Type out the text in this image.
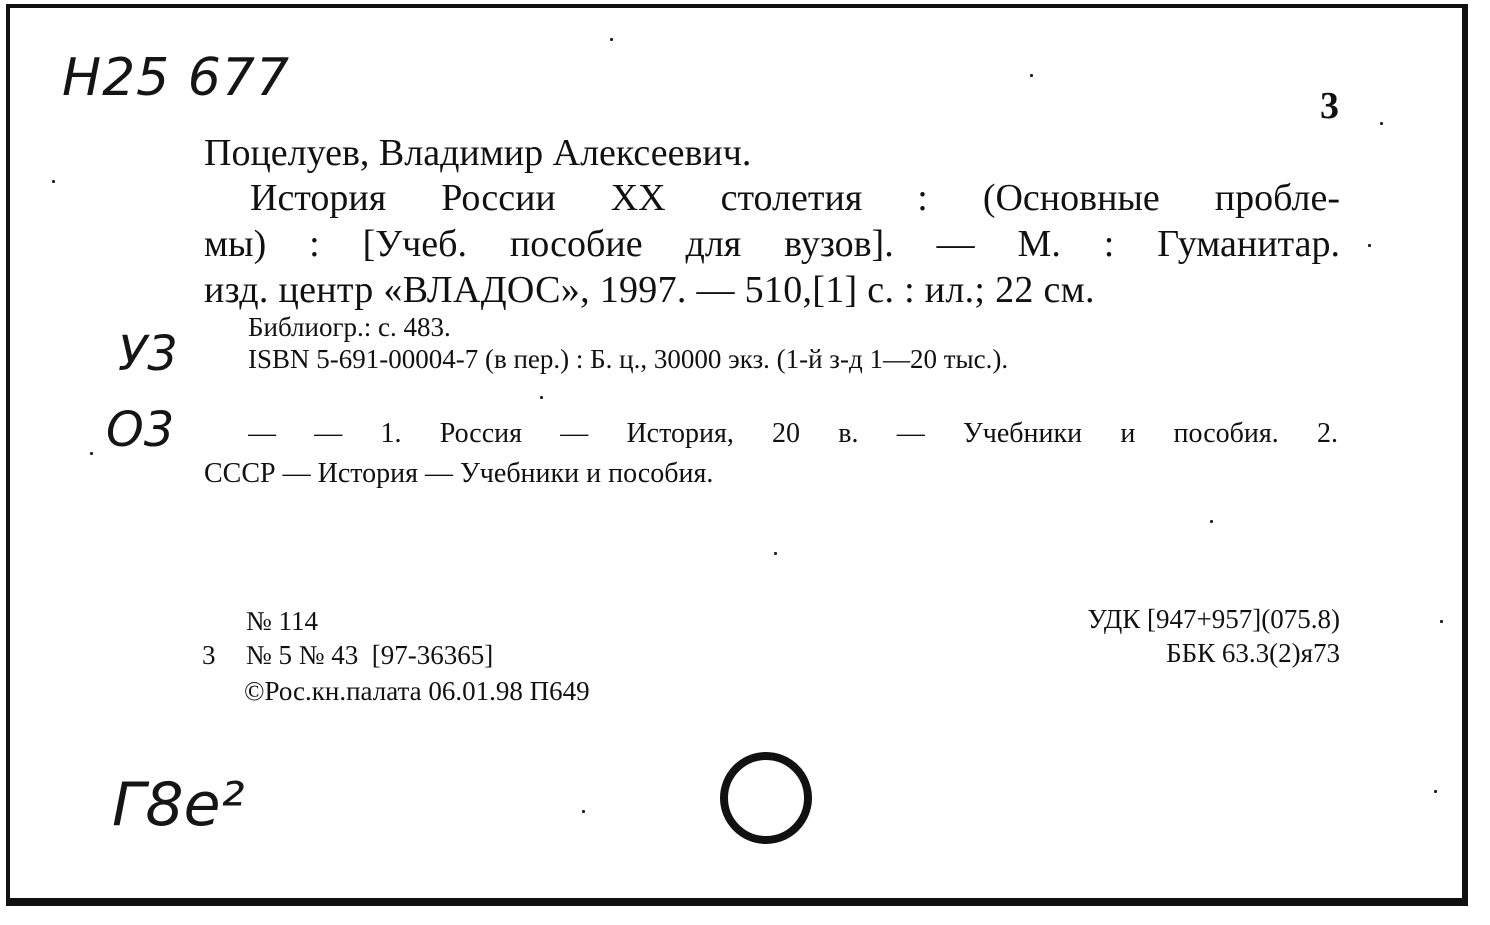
Н25 677	3
Поцелуев, Владимир Алексеевич.
История России XX столетия : (Основные пробле-
мы) : [Учеб. пособие для вузов]. — М. : Гуманитар.
изд. центр «ВЛАДОС», 1997. — 510,[1] с. : ил.; 22 см.
Библиогр.: с. 483.
У3	ISBN 5-691-00004-7 (в пер.) : Б. ц., 30000 экз. (1-й з-д 1—20 тыс.).
О3	— — 1. Россия — История, 20 в. — Учебники и пособия. 2.
СССР — История — Учебники и пособия.
№ 114
3 № 5 № 43  [97-36365]
©Рос.кн.палата 06.01.98 П649
УДК [947+957](075.8)
ББК 63.3(2)я73
Г8е²
